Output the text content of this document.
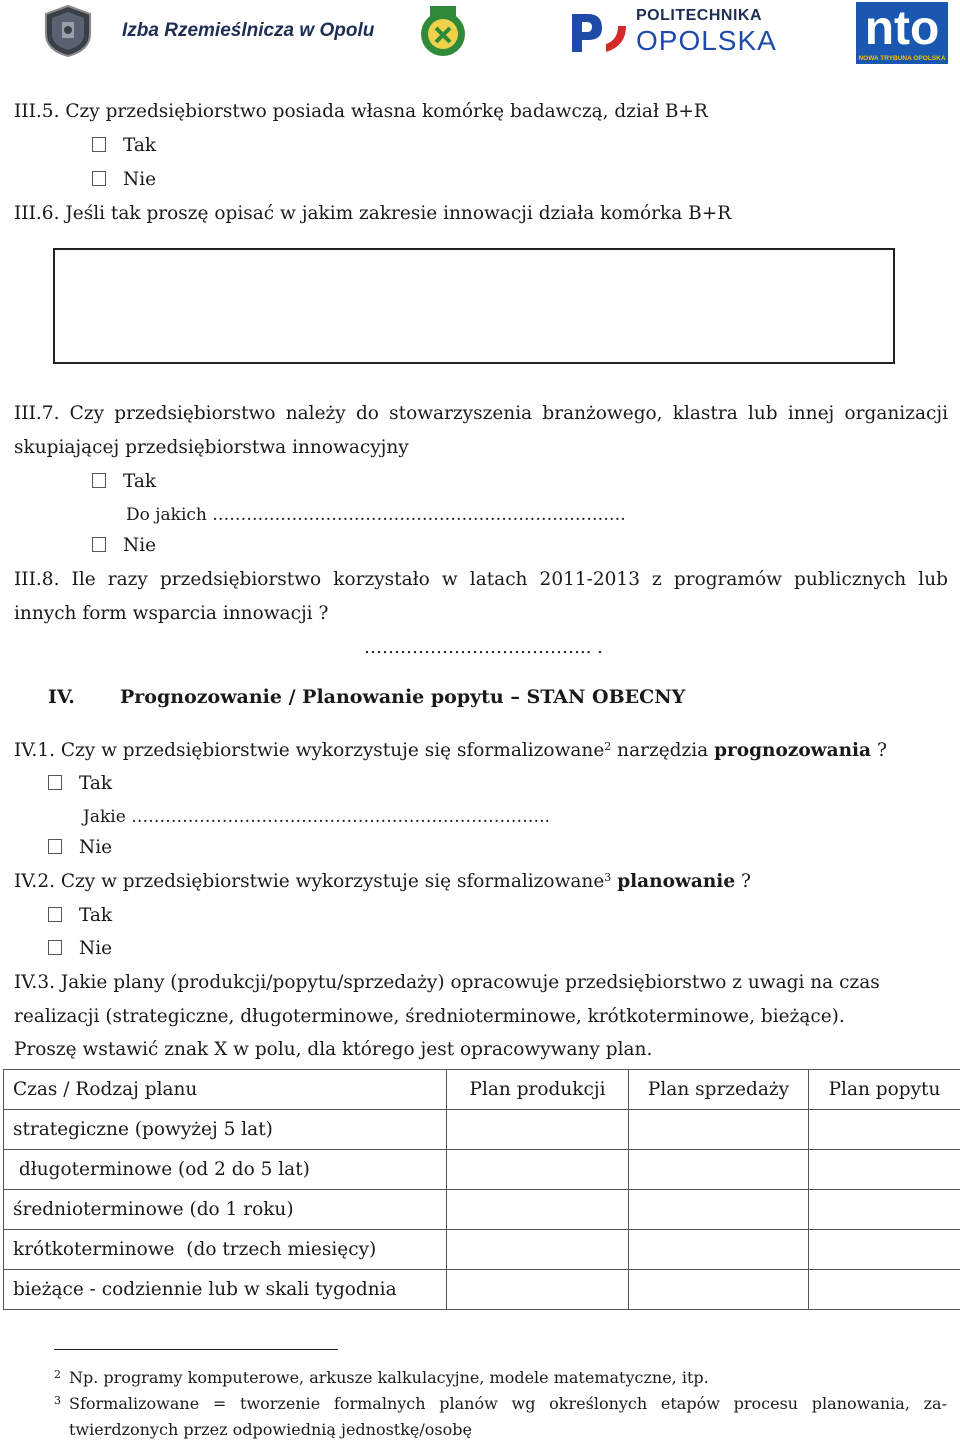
Izba Rzemieślnicza w Opolu
POLITECHNIKA
OPOLSKA nto
NOWA TRYBUNA OPOLSKA
III.5. Czy przedsiębiorstwo posiada własna komórkę badawczą, dział B+R
Tak
Nie
III.6. Jeśli tak proszę opisać w jakim zakresie innowacji działa komórka B+R
III.7. Czy przedsiębiorstwo należy do stowarzyszenia branżowego, klastra lub innej organizacji
skupiającej przedsiębiorstwa innowacyjny
Tak
Do jakich ……………………………………………………………….
Nie
III.8. Ile razy przedsiębiorstwo korzystało w latach 2011-2013 z programów publicznych lub
innych form wsparcia innowacji ?
……………………………….. .
IV. Prognozowanie / Planowanie popytu – STAN OBECNY
IV.1. Czy w przedsiębiorstwie wykorzystuje się sformalizowane$^2$ narzędzia prognozowania ?
Tak
Jakie ………………………………………………………………..
Nie
IV.2. Czy w przedsiębiorstwie wykorzystuje się sformalizowane$^3$ planowanie ?
Tak
Nie
IV.3. Jakie plany (produkcji/popytu/sprzedaży) opracowuje przedsiębiorstwo z uwagi na czas
realizacji (strategiczne, długoterminowe, średnioterminowe, krótkoterminowe, bieżące).
Proszę wstawić znak X w polu, dla którego jest opracowywany plan.
Czas / Rodzaj planu	Plan produkcji	Plan sprzedaży	Plan popytu
strategiczne (powyżej 5 lat)			
długoterminowe (od 2 do 5 lat)			
średnioterminowe (do 1 roku)			
krótkoterminowe  (do trzech miesięcy)			
bieżące - codziennie lub w skali tygodnia			
2 Np. programy komputerowe, arkusze kalkulacyjne, modele matematyczne, itp.
3 Sformalizowane = tworzenie formalnych planów wg określonych etapów procesu planowania, za-
twierdzonych przez odpowiednią jednostkę/osobę
